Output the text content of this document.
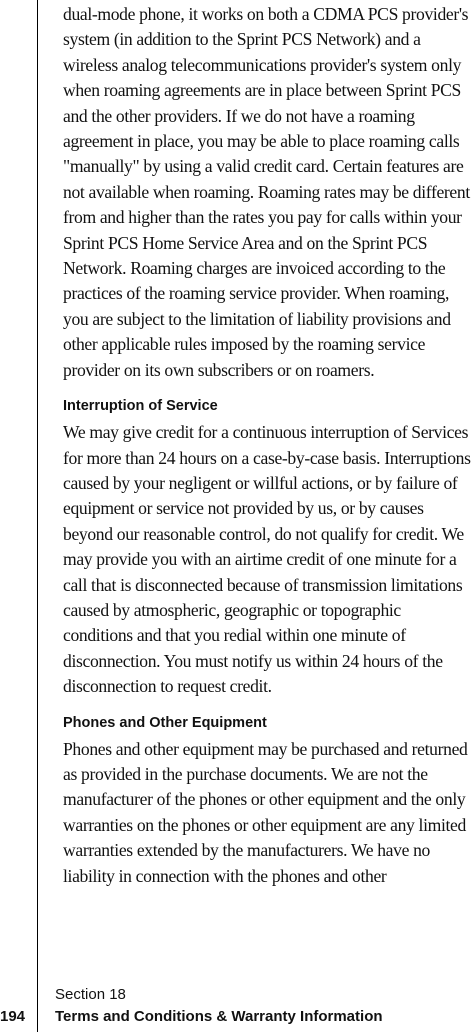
dual-mode phone, it works on both a CDMA PCS provider's system (in addition to the Sprint PCS Network) and a wireless analog telecommunications provider's system only when roaming agreements are in place between Sprint PCS and the other providers. If we do not have a roaming agreement in place, you may be able to place roaming calls "manually" by using a valid credit card. Certain features are not available when roaming. Roaming rates may be different from and higher than the rates you pay for calls within your

Sprint PCS Home Service Area and on the Sprint PCS Network. Roaming charges are invoiced according to the practices of the roaming service provider. When roaming, you are subject to the limitation of liability provisions and other applicable rules imposed by the roaming service provider on its own subscribers or on roamers.

Interruption of Service

We may give credit for a continuous interruption of Services for more than 24 hours on a case-by-case basis. Interruptions caused by your negligent or willful actions, or by failure of equipment or service not provided by us, or by causes beyond our reasonable control, do not qualify for credit. We may provide you with an airtime credit of one minute for a call that is disconnected because of transmission limitations caused by atmospheric, geographic or topographic conditions and that you redial within one minute of disconnection. You must notify us within 24 hours of the disconnection to request credit.

Phones and Other Equipment

Phones and other equipment may be purchased and returned as provided in the purchase documents. We are not the manufacturer of the phones or other equipment and the only warranties on the phones or other equipment are any limited warranties extended by the manufacturers. We have no liability in connection with the phones and other

Section 18
194 Terms and Conditions & Warranty Information
